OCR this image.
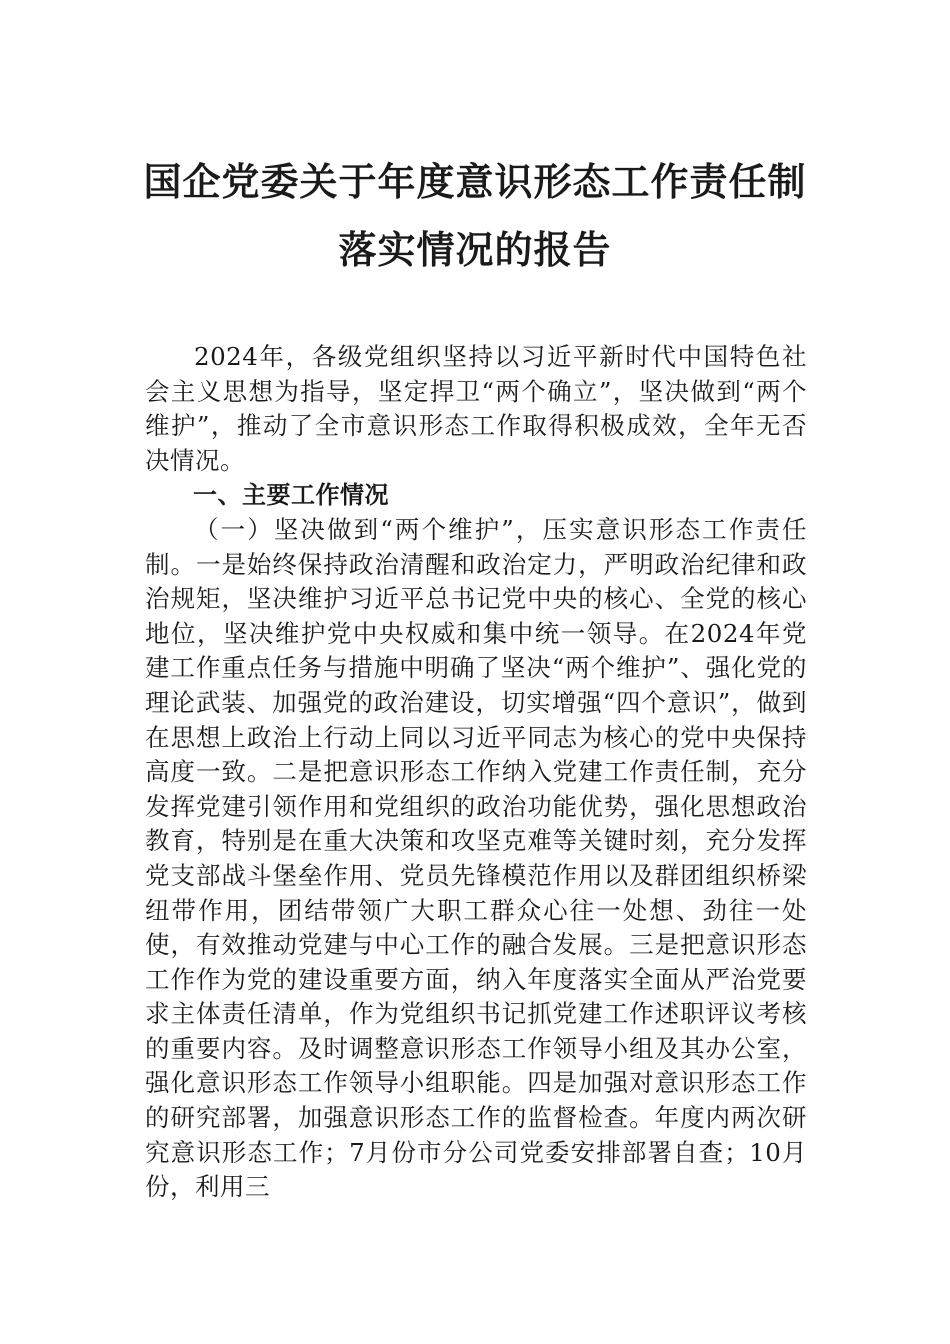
国企党委关于年度意识形态工作责任制落实情况的报告

2024年，各级党组织坚持以习近平新时代中国特色社会主义思想为指导，坚定捍卫“两个确立”，坚决做到“两个维护”，推动了全市意识形态工作取得积极成效，全年无否决情况。

一、主要工作情况

（一）坚决做到“两个维护”，压实意识形态工作责任制。一是始终保持政治清醒和政治定力，严明政治纪律和政治规矩，坚决维护习近平总书记党中央的核心、全党的核心地位，坚决维护党中央权威和集中统一领导。在2024年党建工作重点任务与措施中明确了坚决“两个维护”、强化党的理论武装、加强党的政治建设，切实增强“四个意识”，做到在思想上政治上行动上同以习近平同志为核心的党中央保持高度一致。二是把意识形态工作纳入党建工作责任制，充分发挥党建引领作用和党组织的政治功能优势，强化思想政治教育，特别是在重大决策和攻坚克难等关键时刻，充分发挥党支部战斗堡垒作用、党员先锋模范作用以及群团组织桥梁纽带作用，团结带领广大职工群众心往一处想、劲往一处使，有效推动党建与中心工作的融合发展。三是把意识形态工作作为党的建设重要方面，纳入年度落实全面从严治党要求主体责任清单，作为党组织书记抓党建工作述职评议考核的重要内容。及时调整意识形态工作领导小组及其办公室，强化意识形态工作领导小组职能。四是加强对意识形态工作的研究部署，加强意识形态工作的监督检查。年度内两次研究意识形态工作；7月份市分公司党委安排部署自查；10月份，利用三
